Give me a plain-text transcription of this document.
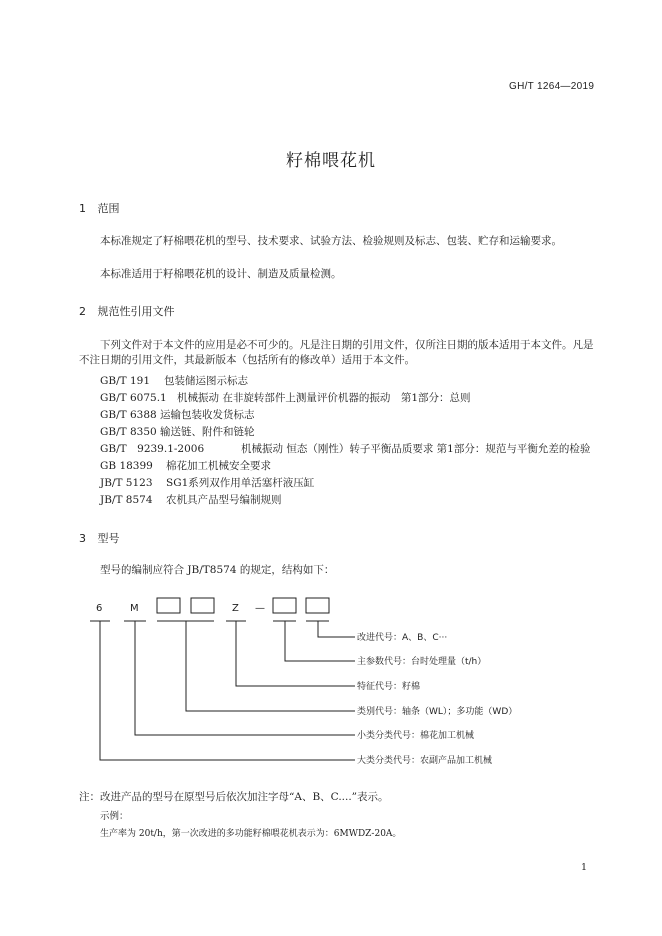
GH/T 1264—2019
籽棉喂花机
1 范围
本标准规定了籽棉喂花机的型号、技术要求、试验方法、检验规则及标志、包装、贮存和运输要求。
本标准适用于籽棉喂花机的设计、制造及质量检测。
2 规范性引用文件
下列文件对于本文件的应用是必不可少的。凡是注日期的引用文件，仅所注日期的版本适用于本文件。凡是不注日期的引用文件，其最新版本（包括所有的修改单）适用于本文件。
GB/T 191 包装储运图示标志
GB/T 6075.1 机械振动 在非旋转部件上测量评价机器的振动　第1部分：总则
GB/T 6388 运输包装收发货标志
GB/T 8350 输送链、附件和链轮
GB/T　9239.1-2006	机械振动 恒态（刚性）转子平衡品质要求 第1部分：规范与平衡允差的检验
GB 18399 棉花加工机械安全要求
JB/T 5123 SG1系列双作用单活塞杆液压缸
JB/T 8574 农机具产品型号编制规则
3 型号
型号的编制应符合 JB/T8574 的规定，结构如下：
6	M	Z —
改进代号：A、B、C···
主参数代号：台时处理量（t/h）
特征代号：籽棉
类别代号：轴条（WL）；多功能（WD）
小类分类代号：棉花加工机械
大类分类代号：农副产品加工机械
注：改进产品的型号在原型号后依次加注字母“A、B、C....”表示。
示例：
生产率为 20t/h，第一次改进的多功能籽棉喂花机表示为：6MWDZ-20A。
1
